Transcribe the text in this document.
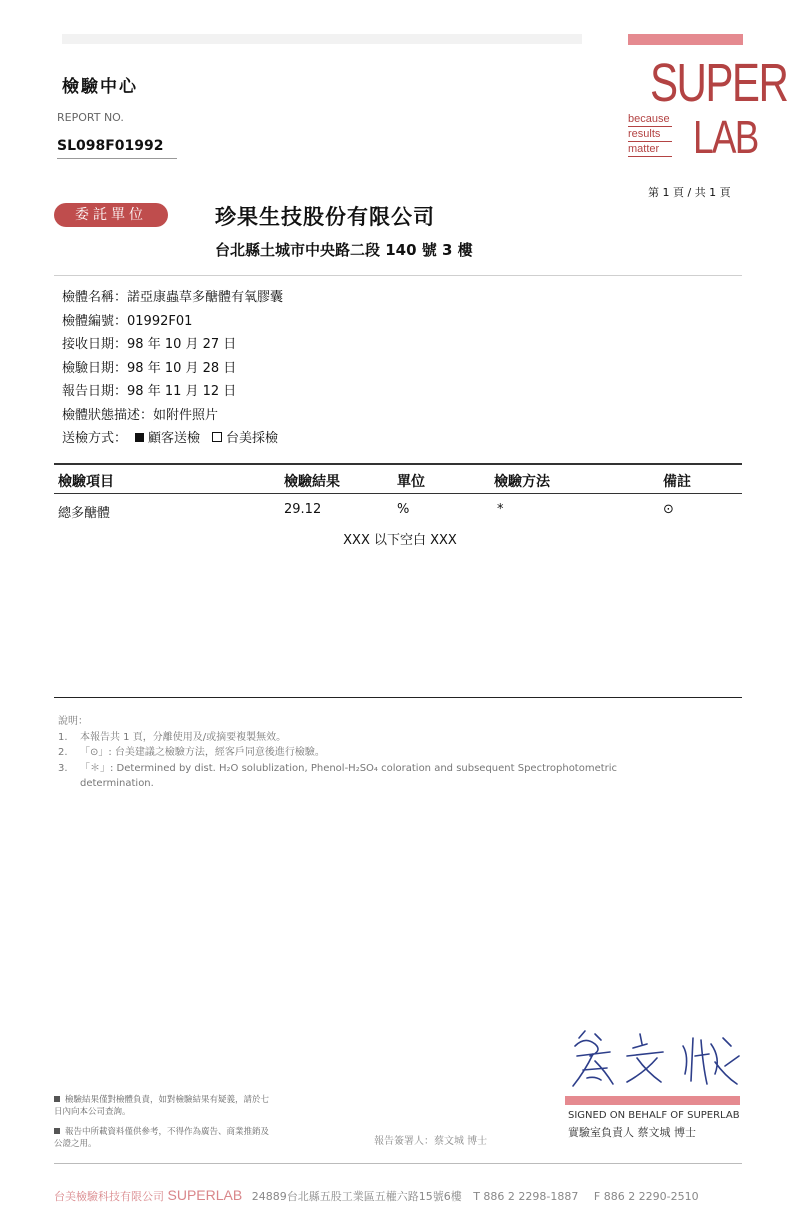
檢驗中心
REPORT NO.
SL098F01992
SUPER
because
results
matter LAB
第 1 頁 / 共 1 頁
委託單位	珍果生技股份有限公司
台北縣土城市中央路二段 140 號 3 樓
檢體名稱：諾亞康蟲草多醣體有氧膠囊
檢體編號：01992F01
接收日期：98 年 10 月 27 日
檢驗日期：98 年 10 月 28 日
報告日期：98 年 11 月 12 日
檢體狀態描述：如附件照片
送檢方式： 顧客送檢 台美採檢
檢驗項目	檢驗結果	單位	檢驗方法	備註
總多醣體	29.12	%	*	⊙
XXX 以下空白 XXX
說明：
1.	本報告共 1 頁，分離使用及/或摘要複製無效。
2.	「⊙」: 台美建議之檢驗方法，經客戶同意後進行檢驗。
3.	「＊」: Determined by dist. H₂O solublization, Phenol-H₂SO₄ coloration and subsequent Spectrophotometric determination.
檢驗結果僅對檢體負責，如對檢驗結果有疑義，請於七日內向本公司查詢。
報告中所載資料僅供參考，不得作為廣告、商業推銷及公證之用。
SIGNED ON BEHALF OF SUPERLAB
實驗室負責人 蔡文城 博士
報告簽署人：蔡文城 博士
台美檢驗科技有限公司 SUPERLAB 24889台北縣五股工業區五權六路15號6樓 T 886 2 2298-1887 F 886 2 2290-2510
